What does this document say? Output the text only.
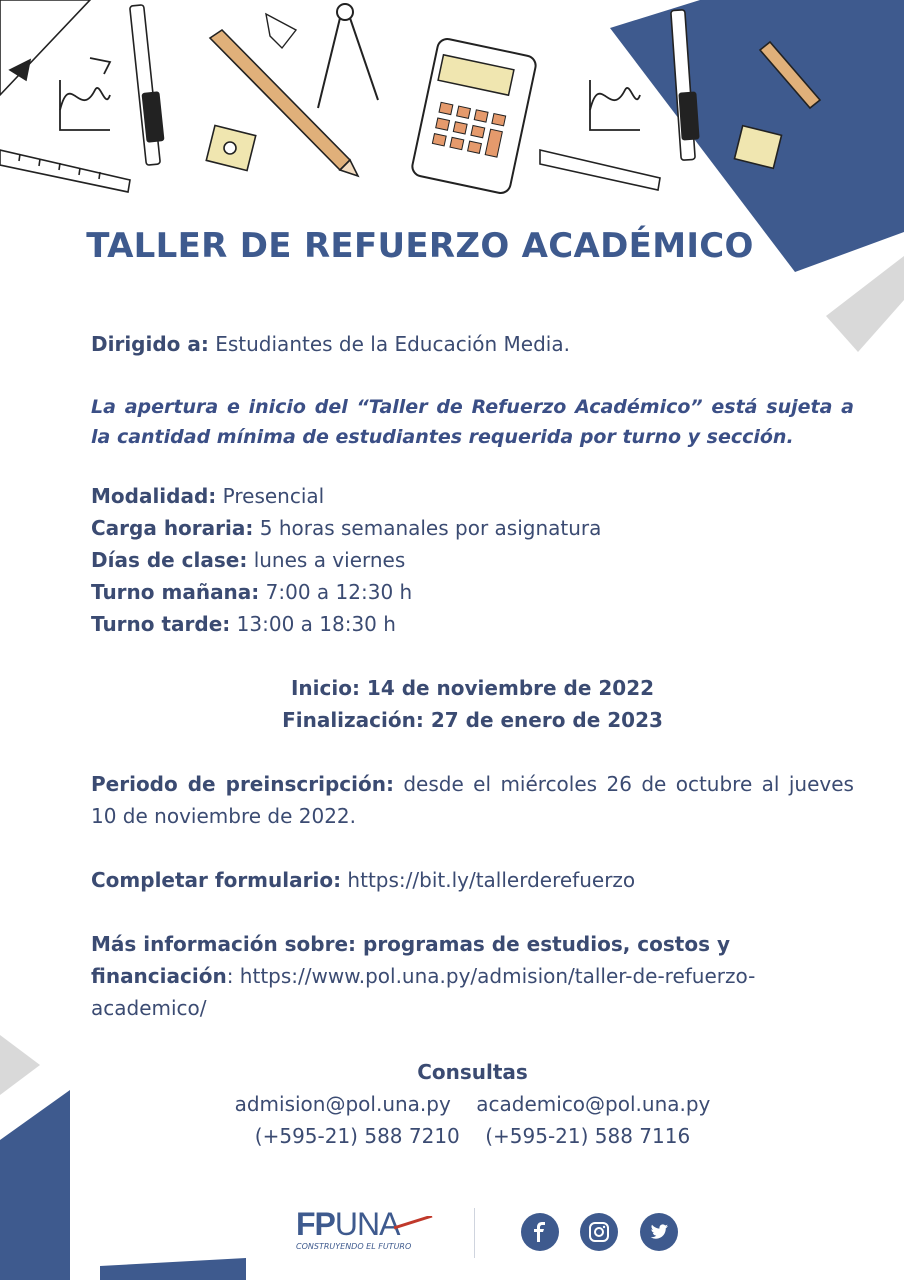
TALLER DE REFUERZO ACADÉMICO
Dirigido a: Estudiantes de la Educación Media.
La apertura e inicio del “Taller de Refuerzo Académico” está sujeta a la cantidad mínima de estudiantes requerida por turno y sección.
Modalidad: Presencial
Carga horaria: 5 horas semanales por asignatura
Días de clase: lunes a viernes
Turno mañana: 7:00 a 12:30 h
Turno tarde: 13:00 a 18:30 h
Inicio: 14 de noviembre de 2022
Finalización: 27 de enero de 2023
Periodo de preinscripción: desde el miércoles 26 de octubre al jueves 10 de noviembre de 2022.
Completar formulario: https://bit.ly/tallerderefuerzo
Más información sobre: programas de estudios, costos y financiación: https://www.pol.una.py/admision/taller-de-refuerzo-academico/
Consultas
admision@pol.una.py academico@pol.una.py
(+595-21) 588 7210 (+595-21) 588 7116
FPUNA
CONSTRUYENDO EL FUTURO
